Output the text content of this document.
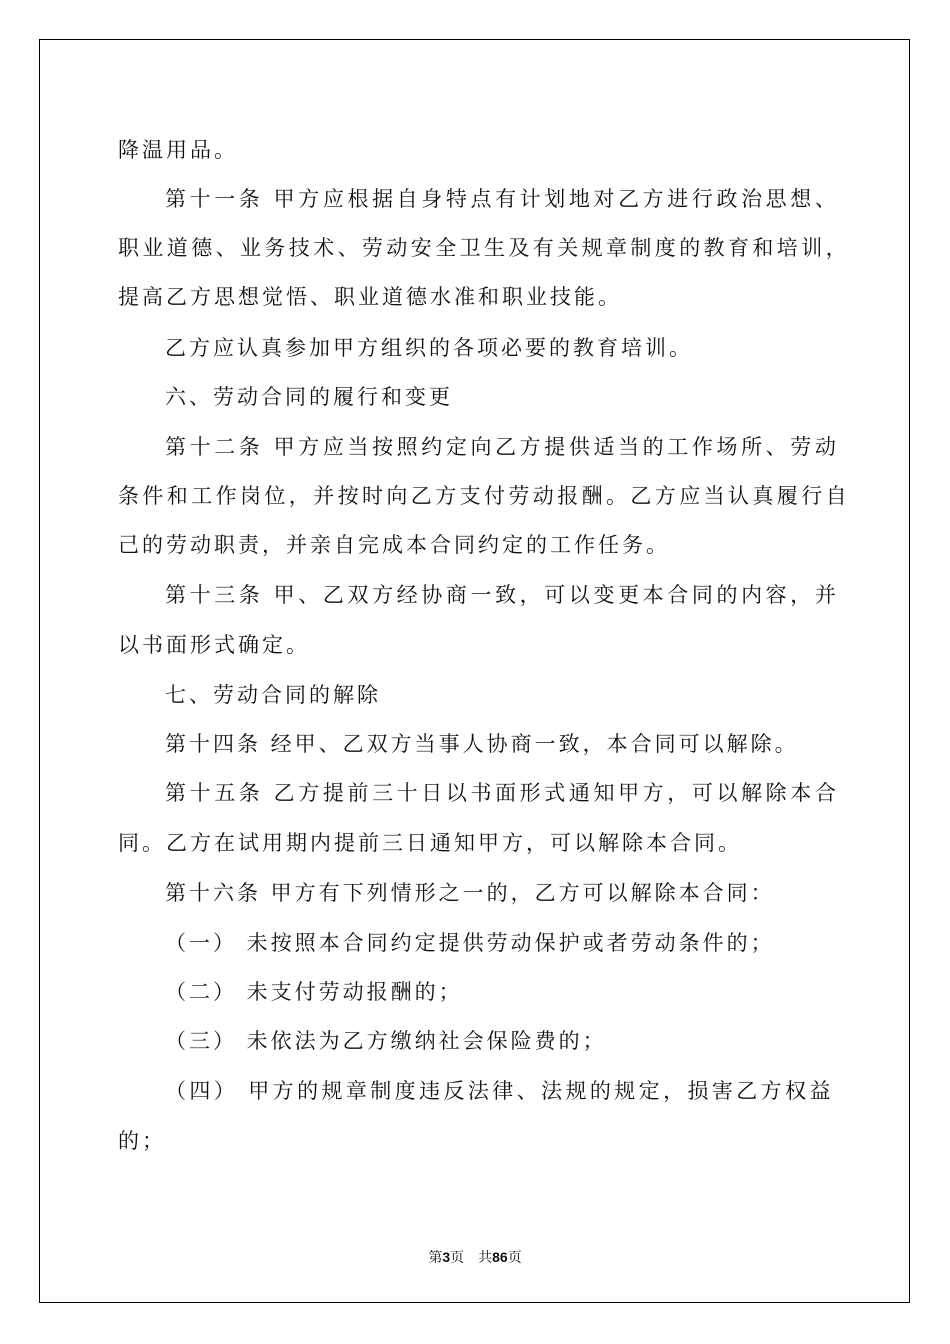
降温用品。

第十一条 甲方应根据自身特点有计划地对乙方进行政治思想、

职业道德、业务技术、劳动安全卫生及有关规章制度的教育和培训，

提高乙方思想觉悟、职业道德水准和职业技能。

乙方应认真参加甲方组织的各项必要的教育培训。

六、劳动合同的履行和变更

第十二条 甲方应当按照约定向乙方提供适当的工作场所、劳动

条件和工作岗位，并按时向乙方支付劳动报酬。乙方应当认真履行自

己的劳动职责，并亲自完成本合同约定的工作任务。

第十三条 甲、乙双方经协商一致，可以变更本合同的内容，并

以书面形式确定。

七、劳动合同的解除

第十四条 经甲、乙双方当事人协商一致，本合同可以解除。

第十五条 乙方提前三十日以书面形式通知甲方，可以解除本合

同。乙方在试用期内提前三日通知甲方，可以解除本合同。

第十六条 甲方有下列情形之一的，乙方可以解除本合同：

（一） 未按照本合同约定提供劳动保护或者劳动条件的；

（二） 未支付劳动报酬的；

（三） 未依法为乙方缴纳社会保险费的；

（四） 甲方的规章制度违反法律、法规的规定，损害乙方权益

的；

第3页　共86页
